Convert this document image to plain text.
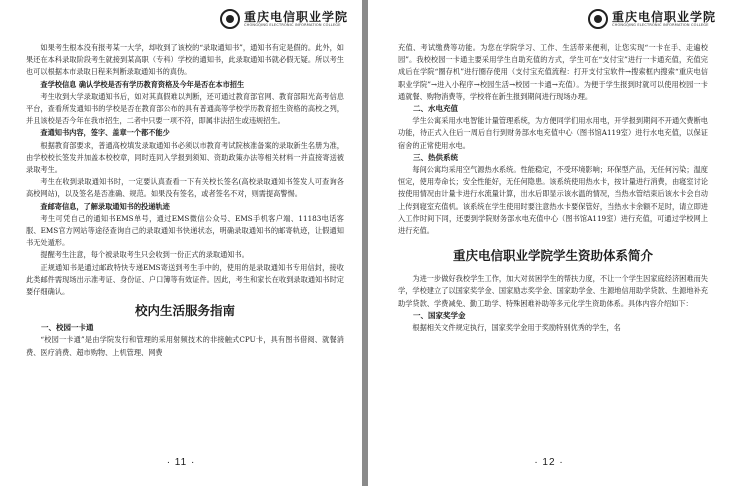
重庆电信职业学院
CHONGQING ELECTRONIC INFORMATION COLLEGE

如果考生根本没有报考某一大学，却收到了该校的“录取通知书”，通知书有定是假的。此外，如果还在本科录取阶段考生就接到某高职（专科）学校的通知书，此录取通知书就必假无疑。所以考生也可以根据本市录取日程来判断录取通知书的真伪。

查学校信息 确认学校是否有学历教育资格及今年是否在本市招生

考生收到大学录取通知书后，如对其真假难以判断，还可通过教育部官网、教育部阳光高考信息平台，查看所发通知书的学校是否在教育部公布的具有普通高等学校学历教育招生资格的高校之列，并且该校是否今年在我市招生，二者中只要一项不符，即属非法招生或违规招生。

查通知书内容，签字、盖章一个都不能少

根据教育部要求，普通高校填发录取通知书必须以市教育考试院核准备案的录取新生名册为准，由学校校长签发并加盖本校校章，同时连同入学报到须知、资助政策办法等相关材料一并直接寄送被录取考生。

考生在收到录取通知书时，一定要认真查看一下有关校长签名(高校录取通知书签发人可查询各高校网站)，以及签名是否准确、规范。如果没有签名，或者签名不对，则需提高警惕。

查邮寄信息，了解录取通知书的投递轨迹

考生可凭自己的通知书EMS单号，通过EMS微信公众号、EMS手机客户端、11183电话客服、EMS官方网站等途径查询自己的录取通知书快递状态，明确录取通知书的邮寄轨迹，让假通知书无处遁形。

提醒考生注意，每个被录取考生只会收到一份正式的录取通知书。

正规通知书是通过邮政特快专递EMS寄送到考生手中的，使用的是录取通知书专用信封，接收此类邮件需现场出示准考证、身份证、户口簿等有效证件。因此，考生和家长在收到录取通知书时定要仔细确认。

校内生活服务指南

一、校园一卡通

“校园一卡通”是由学院发行和管理的采用射频技术的非接触式CPU卡，具有图书借阅、就餐消费、医疗消费、超市购物、上机管理、网费

· 11 ·
重庆电信职业学院
CHONGQING ELECTRONIC INFORMATION COLLEGE

充值、考试缴费等功能。为您在学院学习、工作、生活带来便利，让您实现“一卡在手、走遍校园”。我校校园一卡通主要采用学生自助充值的方式，学生可在“支付宝”进行一卡通充值，充值完成后在学院“圈存机”进行圈存使用（支付宝充值流程：打开支付宝软件→搜索框内搜索“重庆电信职业学院”→进入小程序→校园生活→校园一卡通→充值）。为便于学生报到时就可以使用校园一卡通就餐、购物消费等，学校将在新生报到期间进行现场办理。

二、水电充值

学生公寓采用水电智能计量管理系统，为方便同学们用水用电，开学报到期间不开通欠费断电功能，待正式入住后一周后自行到财务部水电充值中心（图书馆A119室）进行水电充值，以保证宿舍的正常使用水电。

三、热供系统

每间公寓均采用空气源热水系统。性能稳定，不受环境影响；环保型产品，无任何污染；温度恒定，使用寿命长；安全性能好，无任何隐患。该系统使用热水卡，按计量进行消费，由寝室讨论按使用情况由计量卡进行水流量计算，出水后即显示该水温的情况，当热水管结束后该水卡会自动上传到寝室充值机。该系统在学生使用时要注意热水卡要保管好，当热水卡余额不足时，请立即进入工作时间下同，还要到学院财务部水电充值中心（图书馆A119室）进行充值，可通过学校网上进行充值。

重庆电信职业学院学生资助体系简介

为进一步做好我校学生工作，加大对贫困学生的帮扶力度，不让一个学生因家庭经济困难而失学，学校建立了以国家奖学金、国家励志奖学金、国家助学金、生源地信用助学贷款、生源地补充助学贷款、学费减免、勤工助学、特殊困难补助等多元化学生资助体系。具体内容介绍如下：

一、国家奖学金

根据相关文件规定执行，国家奖学金用于奖励特别优秀的学生，名

· 12 ·
